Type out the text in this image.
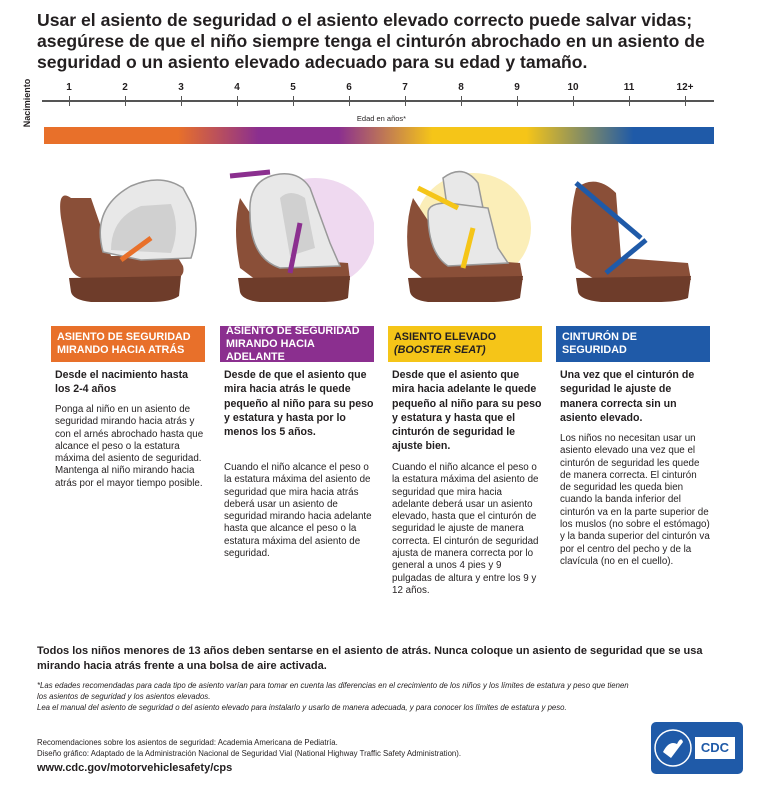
Usar el asiento de seguridad o el asiento elevado correcto puede salvar vidas; asegúrese de que el niño siempre tenga el cinturón abrochado en un asiento de seguridad o un asiento elevado adecuado para su edad y tamaño.
Nacimiento	1	2	3	4	5	6	7	8	9	10	11	12+
Edad en años*
ASIENTO DE SEGURIDAD
MIRANDO HACIA ATRÁS
Desde el nacimiento hasta los 2-4 años
Ponga al niño en un asiento de seguridad mirando hacia atrás y con el arnés abrochado hasta que alcance el peso o la estatura máxima del asiento de seguridad. Mantenga al niño mirando hacia atrás por el mayor tiempo posible.
ASIENTO DE SEGURIDAD
MIRANDO HACIA ADELANTE
Desde de que el asiento que mira hacia atrás le quede pequeño al niño para su peso y estatura y hasta por lo menos los 5 años.
Cuando el niño alcance el peso o la estatura máxima del asiento de seguridad que mira hacia atrás deberá usar un asiento de seguridad mirando hacia adelante hasta que alcance el peso o la estatura máxima del asiento de seguridad.
ASIENTO ELEVADO
(BOOSTER SEAT)
Desde que el asiento que mira hacia adelante le quede pequeño al niño para su peso y estatura y hasta que el cinturón de seguridad le ajuste bien.
Cuando el niño alcance el peso o la estatura máxima del asiento de seguridad que mira hacia adelante deberá usar un asiento elevado, hasta que el cinturón de seguridad le ajuste de manera correcta. El cinturón de seguridad ajusta de manera correcta por lo general a unos 4 pies y 9 pulgadas de altura y entre los 9 y 12 años.
CINTURÓN DE SEGURIDAD
Una vez que el cinturón de seguridad le ajuste de manera correcta sin un asiento elevado.
Los niños no necesitan usar un asiento elevado una vez que el cinturón de seguridad les quede de manera correcta. El cinturón de seguridad les queda bien cuando la banda inferior del cinturón va en la parte superior de los muslos (no sobre el estómago) y la banda superior del cinturón va por el centro del pecho y de la clavícula (no en el cuello).
Todos los niños menores de 13 años deben sentarse en el asiento de atrás. Nunca coloque un asiento de seguridad que se usa mirando hacia atrás frente a una bolsa de aire activada.
*Las edades recomendadas para cada tipo de asiento varían para tomar en cuenta las diferencias en el crecimiento de los niños y los límites de estatura y peso que tienen los asientos de seguridad y los asientos elevados.
Lea el manual del asiento de seguridad o del asiento elevado para instalarlo y usarlo de manera adecuada, y para conocer los límites de estatura y peso.
Recomendaciones sobre los asientos de seguridad: Academia Americana de Pediatría.
Diseño gráfico: Adaptado de la Administración Nacional de Seguridad Vial (National Highway Traffic Safety Administration).
www.cdc.gov/motorvehiclesafety/cps
CDC
